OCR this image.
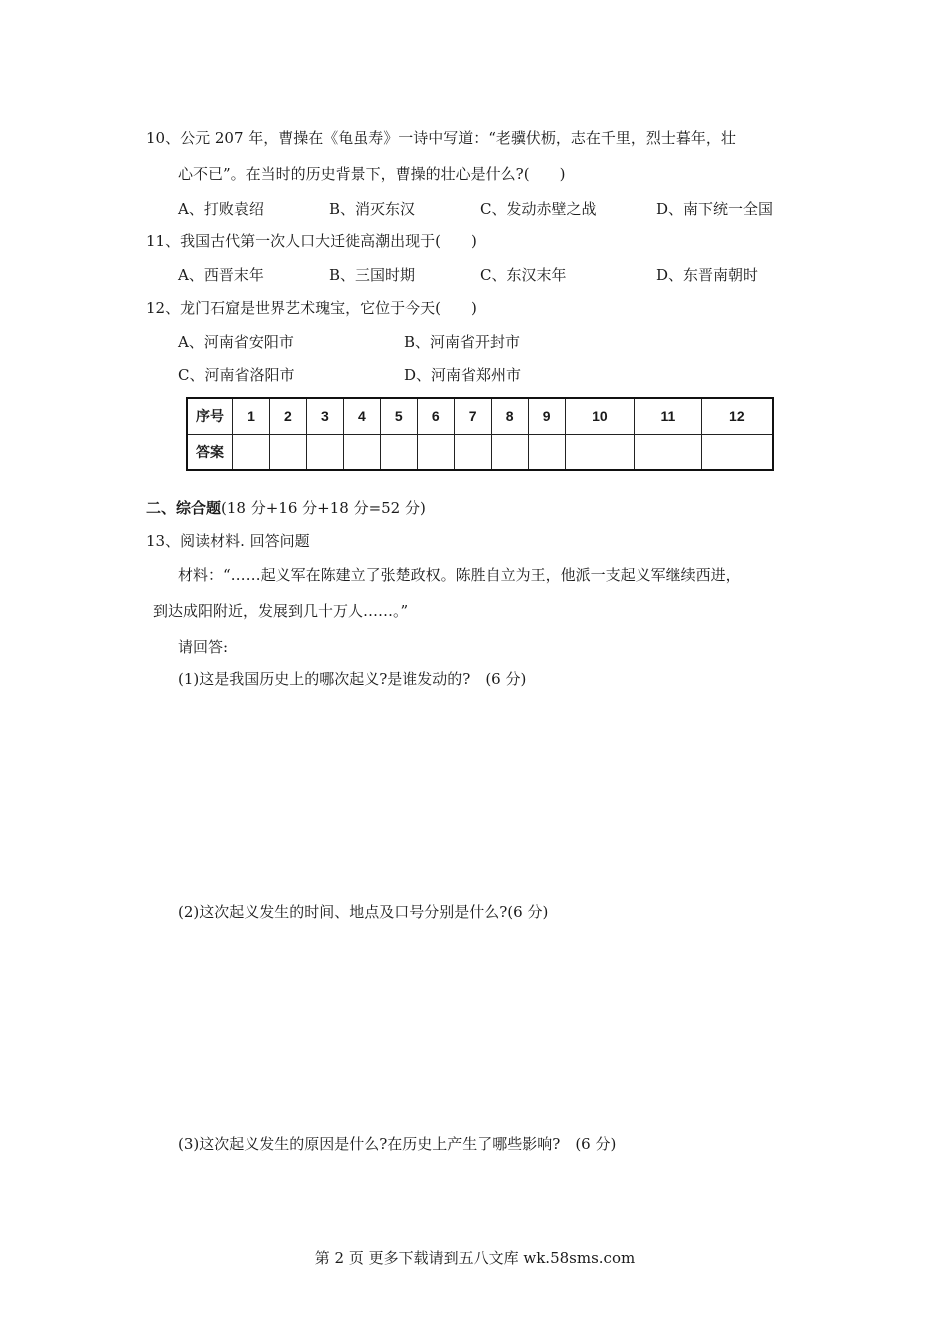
10、公元 207 年，曹操在《龟虽寿》一诗中写道：“老骥伏枥，志在千里，烈士暮年，壮
心不已”。在当时的历史背景下，曹操的壮心是什么?(　　)
A、打败袁绍	B、消灭东汉	C、发动赤壁之战	D、南下统一全国
11、我国古代第一次人口大迁徙高潮出现于(　　)
A、西晋末年	B、三国时期	C、东汉末年	D、东晋南朝时
12、龙门石窟是世界艺术瑰宝，它位于今天(　　)
A、河南省安阳市	B、河南省开封市
C、河南省洛阳市	D、河南省郑州市
序号	1	2	3	4	5	6	7	8	9	10	11	12
答案												
二、综合题(18 分+16 分+18 分=52 分)
13、阅读材料. 回答问题
材料：“……起义军在陈建立了张楚政权。陈胜自立为王，他派一支起义军继续西进，
到达成阳附近，发展到几十万人……。”
请回答:
(1)这是我国历史上的哪次起义?是谁发动的?　(6 分)
(2)这次起义发生的时间、地点及口号分别是什么?(6 分)
(3)这次起义发生的原因是什么?在历史上产生了哪些影响?　(6 分)
第 2 页 更多下载请到五八文库 wk.58sms.com
